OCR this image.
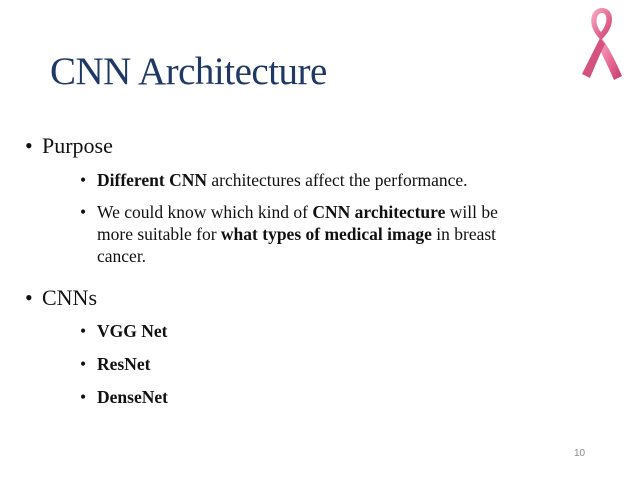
CNN Architecture
• Purpose
• Different CNN architectures affect the performance.
• We could know which kind of CNN architecture will be more suitable for what types of medical image in breast cancer.
• CNNs
• VGG Net
• ResNet
• DenseNet
10
